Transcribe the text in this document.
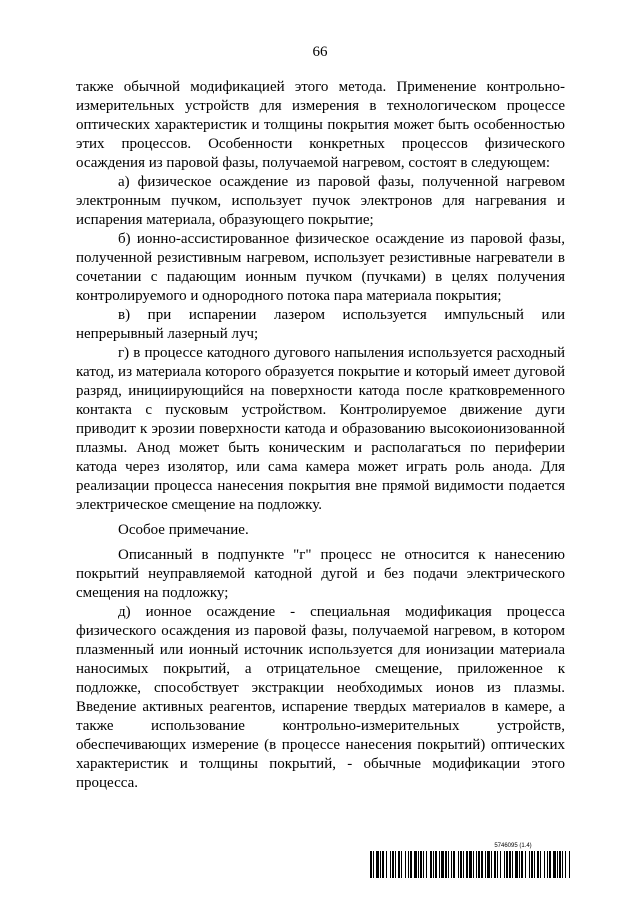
66

также обычной модификацией этого метода. Применение контрольно-измерительных устройств для измерения в технологическом процессе оптических характеристик и толщины покрытия может быть особенностью этих процессов. Особенности конкретных процессов физического осаждения из паровой фазы, получаемой нагревом, состоят в следующем:

а) физическое осаждение из паровой фазы, полученной нагревом электронным пучком, использует пучок электронов для нагревания и испарения материала, образующего покрытие;

б) ионно-ассистированное физическое осаждение из паровой фазы, полученной резистивным нагревом, использует резистивные нагреватели в сочетании с падающим ионным пучком (пучками) в целях получения контролируемого и однородного потока пара материала покрытия;

в) при испарении лазером используется импульсный или непрерывный лазерный луч;

г) в процессе катодного дугового напыления используется расходный катод, из материала которого образуется покрытие и который имеет дуговой разряд, инициирующийся на поверхности катода после кратковременного контакта с пусковым устройством. Контролируемое движение дуги приводит к эрозии поверхности катода и образованию высокоионизованной плазмы. Анод может быть коническим и располагаться по периферии катода через изолятор, или сама камера может играть роль анода. Для реализации процесса нанесения покрытия вне прямой видимости подается электрическое смещение на подложку.

Особое примечание.

Описанный в подпункте "г" процесс не относится к нанесению покрытий неуправляемой катодной дугой и без подачи электрического смещения на подложку;

д) ионное осаждение - специальная модификация процесса физического осаждения из паровой фазы, получаемой нагревом, в котором плазменный или ионный источник используется для ионизации материала наносимых покрытий, а отрицательное смещение, приложенное к подложке, способствует экстракции необходимых ионов из плазмы. Введение активных реагентов, испарение твердых материалов в камере, а также использование контрольно-измерительных устройств, обеспечивающих измерение (в процессе нанесения покрытий) оптических характеристик и толщины покрытий, - обычные модификации этого процесса.

5746095 (1.4)
